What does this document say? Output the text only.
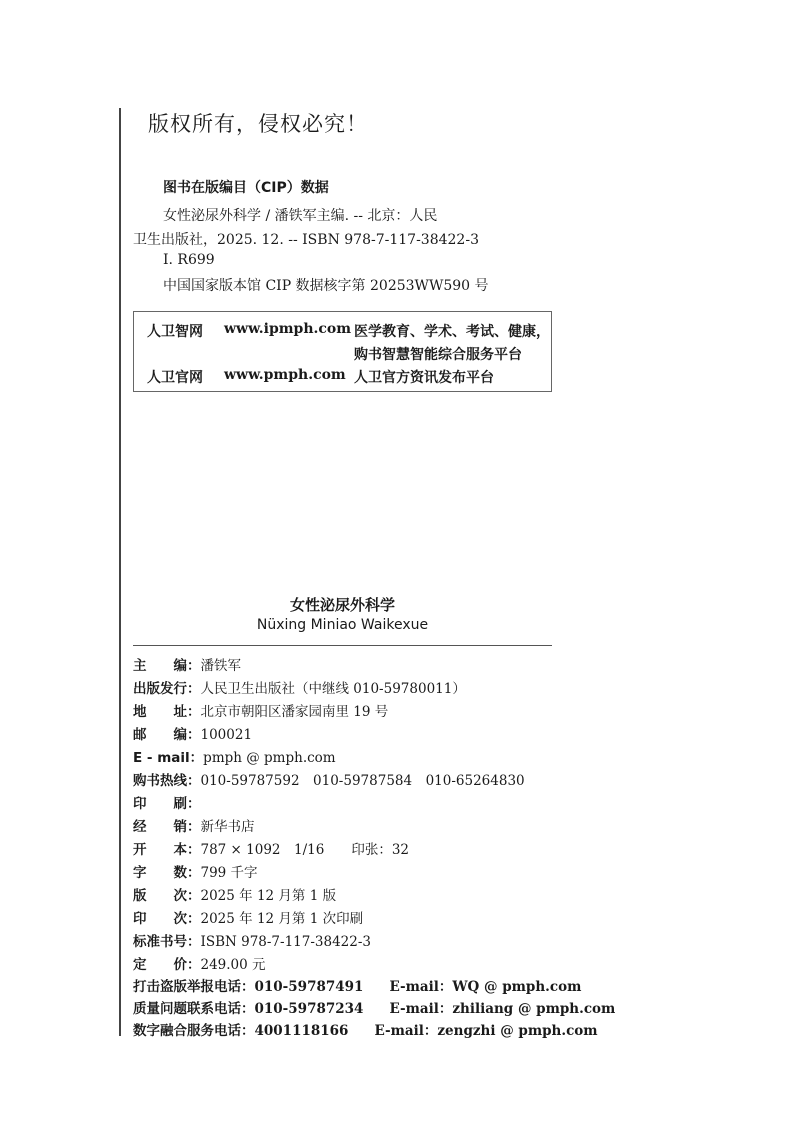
版权所有，侵权必究！
图书在版编目（CIP）数据
女性泌尿外科学 / 潘铁军主编. -- 北京：人民
卫生出版社，2025. 12. -- ISBN 978-7-117-38422-3
Ⅰ. R699
中国国家版本馆 CIP 数据核字第 20253WW590 号
人卫智网 www.ipmph.com 医学教育、学术、考试、健康，
购书智慧智能综合服务平台
人卫官网 www.pmph.com 人卫官方资讯发布平台
女性泌尿外科学
Nüxing Miniao Waikexue
主　　编：潘铁军
出版发行：人民卫生出版社（中继线 010-59780011）
地　　址：北京市朝阳区潘家园南里 19 号
邮　　编：100021
E - mail：pmph @ pmph.com
购书热线：010-59787592　010-59787584　010-65264830
印　　刷：
经　　销：新华书店
开　　本：787 × 1092　1/16　　印张：32
字　　数：799 千字
版　　次：2025 年 12 月第 1 版
印　　次：2025 年 12 月第 1 次印刷
标准书号：ISBN 978-7-117-38422-3
定　　价：249.00 元
打击盗版举报电话：010-59787491 E-mail：WQ @ pmph.com
质量问题联系电话：010-59787234 E-mail：zhiliang @ pmph.com
数字融合服务电话：4001118166 E-mail：zengzhi @ pmph.com
